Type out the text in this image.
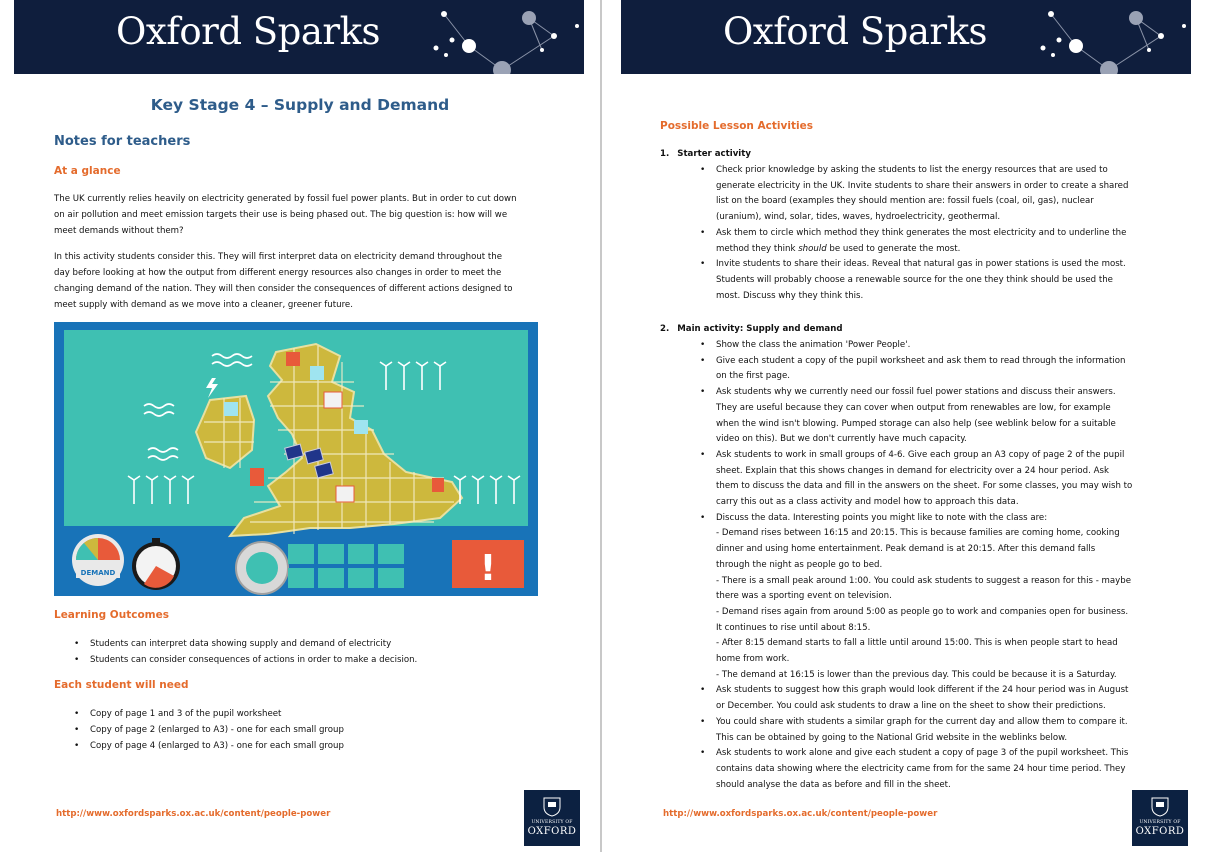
Oxford Sparks
Key Stage 4 – Supply and Demand
Notes for teachers
At a glance
The UK currently relies heavily on electricity generated by fossil fuel power plants. But in order to cut down
on air pollution and meet emission targets their use is being phased out. The big question is: how will we
meet demands without them?
In this activity students consider this. They will first interpret data on electricity demand throughout the
day before looking at how the output from different energy resources also changes in order to meet the
changing demand of the nation. They will then consider the consequences of different actions designed to
meet supply with demand as we move into a cleaner, greener future.
DEMAND	!
Learning Outcomes
• Students can interpret data showing supply and demand of electricity
• Students can consider consequences of actions in order to make a decision.
Each student will need
• Copy of page 1 and 3 of the pupil worksheet
• Copy of page 2 (enlarged to A3) - one for each small group
• Copy of page 4 (enlarged to A3) - one for each small group
http://www.oxfordsparks.ox.ac.uk/content/people-power
UNIVERSITY OF
OXFORD
Oxford Sparks
Possible Lesson Activities
1. Starter activity
• Check prior knowledge by asking the students to list the energy resources that are used to
generate electricity in the UK. Invite students to share their answers in order to create a shared
list on the board (examples they should mention are: fossil fuels (coal, oil, gas), nuclear
(uranium), wind, solar, tides, waves, hydroelectricity, geothermal.
• Ask them to circle which method they think generates the most electricity and to underline the
method they think should be used to generate the most.
• Invite students to share their ideas. Reveal that natural gas in power stations is used the most.
Students will probably choose a renewable source for the one they think should be used the
most. Discuss why they think this.
2. Main activity: Supply and demand
• Show the class the animation 'Power People'.
• Give each student a copy of the pupil worksheet and ask them to read through the information
on the first page.
• Ask students why we currently need our fossil fuel power stations and discuss their answers.
They are useful because they can cover when output from renewables are low, for example
when the wind isn't blowing. Pumped storage can also help (see weblink below for a suitable
video on this). But we don't currently have much capacity.
• Ask students to work in small groups of 4-6. Give each group an A3 copy of page 2 of the pupil
sheet. Explain that this shows changes in demand for electricity over a 24 hour period. Ask
them to discuss the data and fill in the answers on the sheet. For some classes, you may wish to
carry this out as a class activity and model how to approach this data.
• Discuss the data. Interesting points you might like to note with the class are:
- Demand rises between 16:15 and 20:15. This is because families are coming home, cooking
dinner and using home entertainment. Peak demand is at 20:15. After this demand falls
through the night as people go to bed.
- There is a small peak around 1:00. You could ask students to suggest a reason for this - maybe
there was a sporting event on television.
- Demand rises again from around 5:00 as people go to work and companies open for business.
It continues to rise until about 8:15.
- After 8:15 demand starts to fall a little until around 15:00. This is when people start to head
home from work.
- The demand at 16:15 is lower than the previous day. This could be because it is a Saturday.
• Ask students to suggest how this graph would look different if the 24 hour period was in August
or December. You could ask students to draw a line on the sheet to show their predictions.
• You could share with students a similar graph for the current day and allow them to compare it.
This can be obtained by going to the National Grid website in the weblinks below.
• Ask students to work alone and give each student a copy of page 3 of the pupil worksheet. This
contains data showing where the electricity came from for the same 24 hour time period. They
should analyse the data as before and fill in the sheet.
http://www.oxfordsparks.ox.ac.uk/content/people-power
UNIVERSITY OF
OXFORD
